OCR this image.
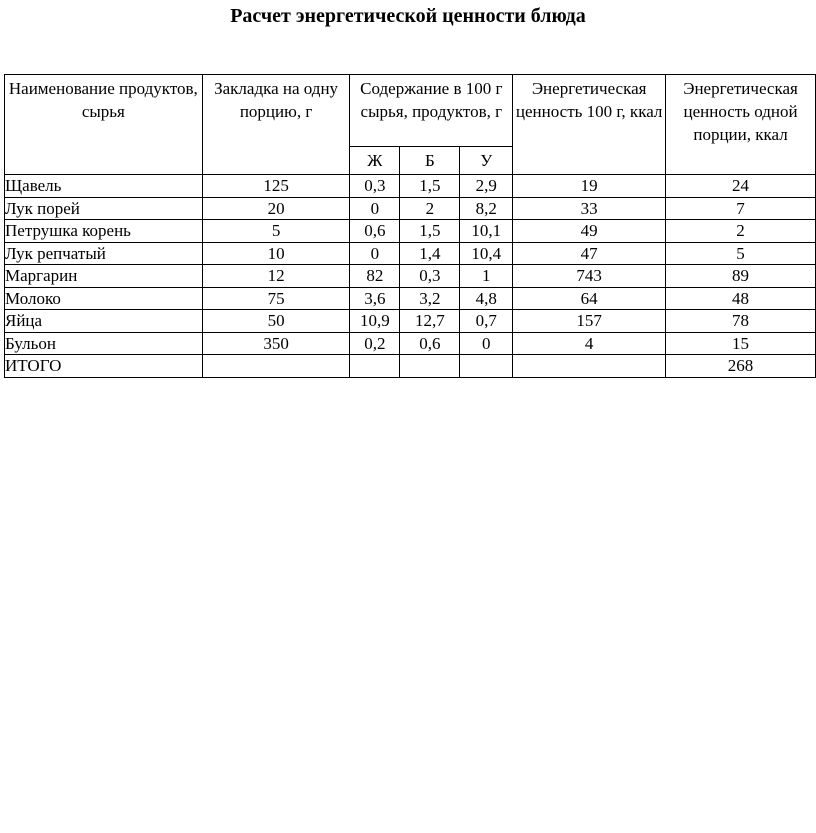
Расчет энергетической ценности блюда
Наименование продуктов, сырья	Закладка на одну порцию, г	Содержание в 100 г сырья, продуктов, г			Энергетическая ценность 100 г, ккал	Энергетическая ценность одной порции, ккал
		Ж	Б	У		
Щавель	125	0,3	1,5	2,9	19	24
Лук порей	20	0	2	8,2	33	7
Петрушка корень	5	0,6	1,5	10,1	49	2
Лук репчатый	10	0	1,4	10,4	47	5
Маргарин	12	82	0,3	1	743	89
Молоко	75	3,6	3,2	4,8	64	48
Яйца	50	10,9	12,7	0,7	157	78
Бульон	350	0,2	0,6	0	4	15
ИТОГО						268
